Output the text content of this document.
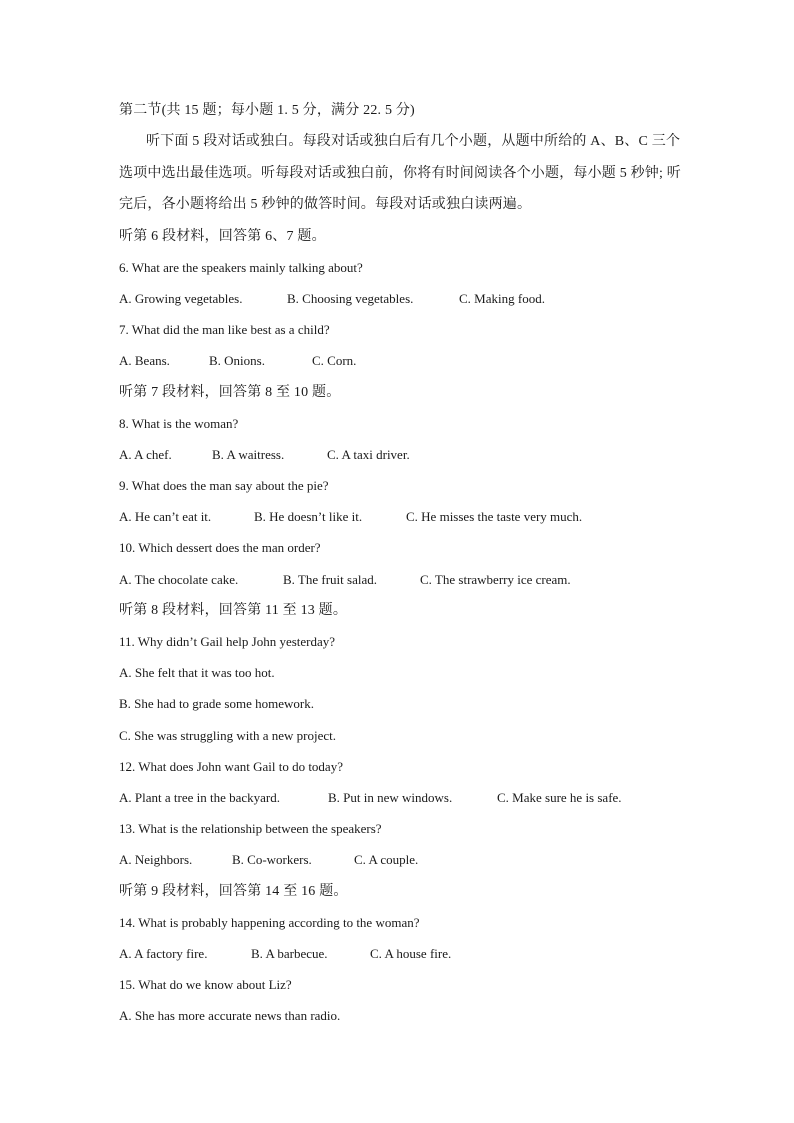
第二节(共 15 题；每小题 1. 5 分，满分 22. 5 分)
听下面 5 段对话或独白。每段对话或独白后有几个小题，从题中所给的 A、B、C 三个
选项中选出最佳选项。听每段对话或独白前，你将有时间阅读各个小题，每小题 5 秒钟; 听
完后，各小题将给出 5 秒钟的做答时间。每段对话或独白读两遍。
听第 6 段材料，回答第 6、7 题。
6. What are the speakers mainly talking about?
A. Growing vegetables.	B. Choosing vegetables.	C. Making food.
7. What did the man like best as a child?
A. Beans.	B. Onions.	C. Corn.
听第 7 段材料，回答第 8 至 10 题。
8. What is the woman?
A. A chef.	B. A waitress.	C. A taxi driver.
9. What does the man say about the pie?
A. He can’t eat it.	B. He doesn’t like it.	C. He misses the taste very much.
10. Which dessert does the man order?
A. The chocolate cake.	B. The fruit salad.	C. The strawberry ice cream.
听第 8 段材料，回答第 11 至 13 题。
11. Why didn’t Gail help John yesterday?
A. She felt that it was too hot.
B. She had to grade some homework.
C. She was struggling with a new project.
12. What does John want Gail to do today?
A. Plant a tree in the backyard.	B. Put in new windows.	C. Make sure he is safe.
13. What is the relationship between the speakers?
A. Neighbors.	B. Co-workers.	C. A couple.
听第 9 段材料，回答第 14 至 16 题。
14. What is probably happening according to the woman?
A. A factory fire.	B. A barbecue.	C. A house fire.
15. What do we know about Liz?
A. She has more accurate news than radio.
